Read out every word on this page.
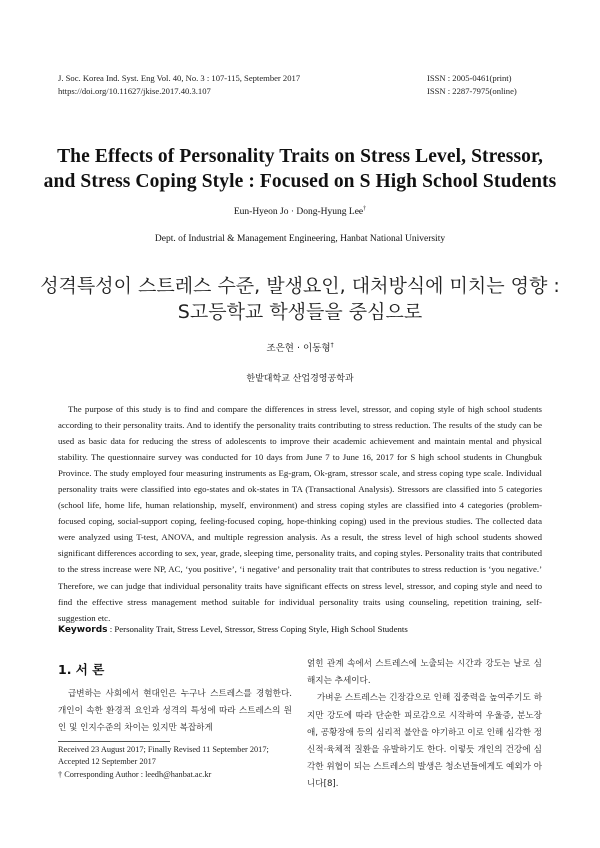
J. Soc. Korea Ind. Syst. Eng Vol. 40, No. 3 : 107-115, September 2017
https://doi.org/10.11627/jkise.2017.40.3.107
ISSN : 2005-0461(print)
ISSN : 2287-7975(online)
The Effects of Personality Traits on Stress Level, Stressor,
and Stress Coping Style : Focused on S High School Students
Eun-Hyeon Jo · Dong-Hyung Lee†
Dept. of Industrial & Management Engineering, Hanbat National University
성격특성이 스트레스 수준, 발생요인, 대처방식에 미치는 영향 :
S고등학교 학생들을 중심으로
조은현 · 이동형†
한밭대학교 산업경영공학과
The purpose of this study is to find and compare the differences in stress level, stressor, and coping style of high school students according to their personality traits. And to identify the personality traits contributing to stress reduction. The results of the study can be used as basic data for reducing the stress of adolescents to improve their academic achievement and maintain mental and physical stability. The questionnaire survey was conducted for 10 days from June 7 to June 16, 2017 for S high school students in Chungbuk Province. The study employed four measuring instruments as Eg-gram, Ok-gram, stressor scale, and stress coping type scale. Individual personality traits were classified into ego-states and ok-states in TA (Transactional Analysis). Stressors are classified into 5 categories (school life, home life, human relationship, myself, environment) and stress coping styles are classified into 4 categories (problem-focused coping, social-support coping, feeling-focused coping, hope-thinking coping) used in the previous studies. The collected data were analyzed using T-test, ANOVA, and multiple regression analysis. As a result, the stress level of high school students showed significant differences according to sex, year, grade, sleeping time, personality traits, and coping styles. Personality traits that contributed to the stress increase were NP, AC, ‘you positive’, ‘i negative’ and personality trait that contributes to stress reduction is ‘you negative.’ Therefore, we can judge that individual personality traits have significant effects on stress level, stressor, and coping style and need to find the effective stress management method suitable for individual personality traits using counseling, repetition training, self-suggestion etc.
Keywords : Personality Trait, Stress Level, Stressor, Stress Coping Style, High School Students
1. 서 론

급변하는 사회에서 현대인은 누구나 스트레스를 경험한다. 개인이 속한 환경적 요인과 성격의 특성에 따라 스트레스의 원인 및 인지수준의 차이는 있지만 복잡하게

Received 23 August 2017; Finally Revised 11 September 2017; Accepted 12 September 2017
† Corresponding Author : leedh@hanbat.ac.kr

얽힌 관계 속에서 스트레스에 노출되는 시간과 강도는 날로 심해지는 추세이다.

가벼운 스트레스는 긴장감으로 인해 집중력을 높여주기도 하지만 강도에 따라 단순한 피로감으로 시작하여 우울증, 분노장애, 공황장애 등의 심리적 불안을 야기하고 이로 인해 심각한 정신적·육체적 질환을 유발하기도 한다. 이렇듯 개인의 건강에 심각한 위협이 되는 스트레스의 발생은 청소년들에게도 예외가 아니다[8].
